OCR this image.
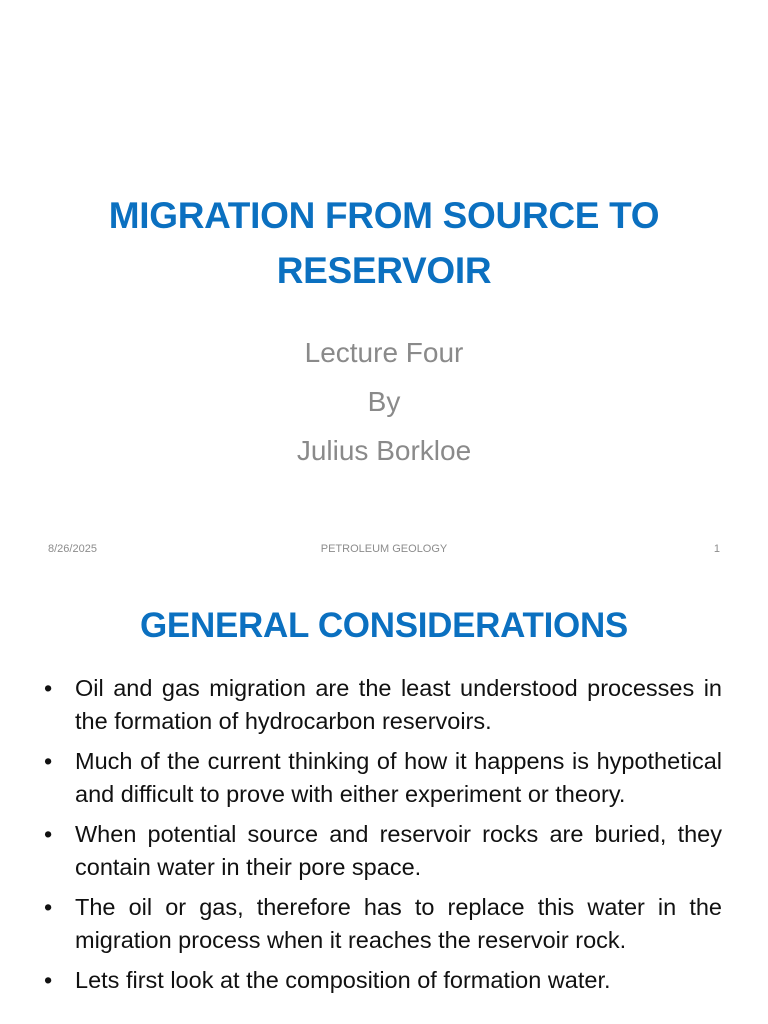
MIGRATION FROM SOURCE TO RESERVOIR
Lecture Four
By
Julius Borkloe
8/26/2025	PETROLEUM GEOLOGY	1
GENERAL CONSIDERATIONS
• Oil and gas migration are the least understood processes in the formation of hydrocarbon reservoirs.
• Much of the current thinking of how it happens is hypothetical and difficult to prove with either experiment or theory.
• When potential source and reservoir rocks are buried, they contain water in their pore space.
• The oil or gas, therefore has to replace this water in the migration process when it reaches the reservoir rock.
• Lets first look at the composition of formation water.
